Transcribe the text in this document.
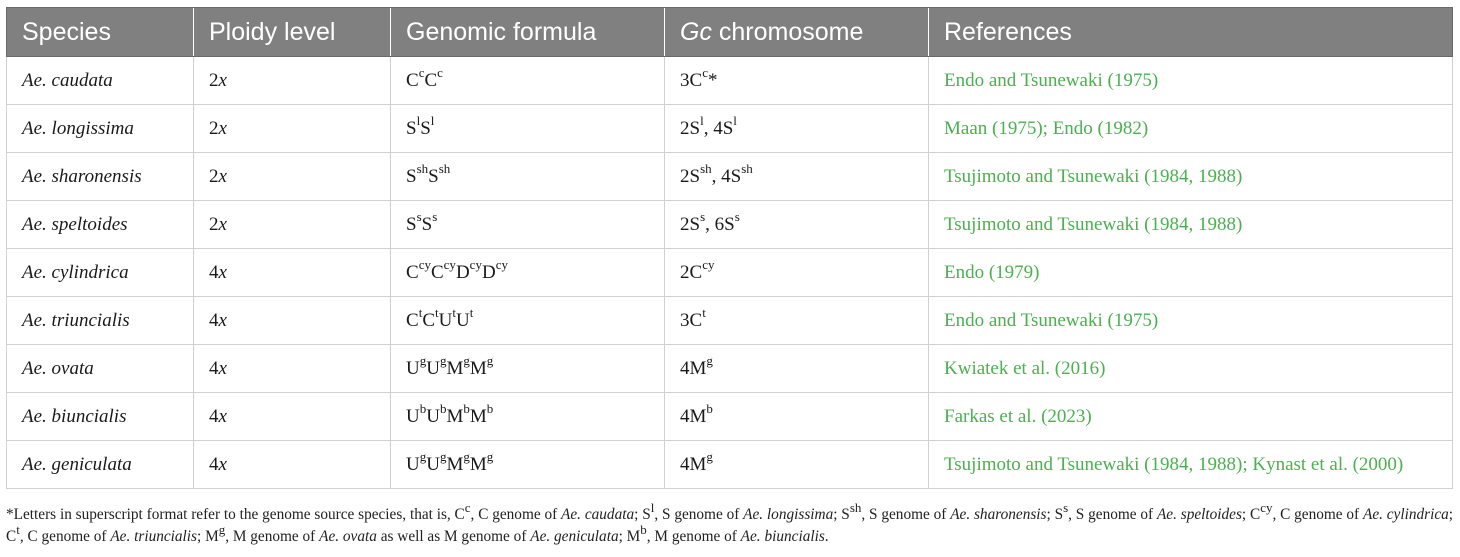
Species	Ploidy level	Genomic formula	Gc chromosome	References
Ae. caudata	2x	$C^cC^c$	$3C^c*$	Endo and Tsunewaki (1975)
Ae. longissima	2x	$S^lS^l$	$2S^l$, $4S^l$	Maan (1975); Endo (1982)
Ae. sharonensis	2x	$S^{sh}S^{sh}$	$2S^{sh}$, $4S^{sh}$	Tsujimoto and Tsunewaki (1984, 1988)
Ae. speltoides	2x	$S^sS^s$	$2S^s$, $6S^s$	Tsujimoto and Tsunewaki (1984, 1988)
Ae. cylindrica	4x	$C^{cy}C^{cy}D^{cy}D^{cy}$	$2C^{cy}$	Endo (1979)
Ae. triuncialis	4x	$C^tC^tU^tU^t$	$3C^t$	Endo and Tsunewaki (1975)
Ae. ovata	4x	$U^gU^gM^gM^g$	$4M^g$	Kwiatek et al. (2016)
Ae. biuncialis	4x	$U^bU^bM^bM^b$	$4M^b$	Farkas et al. (2023)
Ae. geniculata	4x	$U^gU^gM^gM^g$	$4M^g$	Tsujimoto and Tsunewaki (1984, 1988); Kynast et al. (2000)
*Letters in superscript format refer to the genome source species, that is, $C^c$, C genome of Ae. caudata; $S^l$, S genome of Ae. longissima; $S^{sh}$, S genome of Ae. sharonensis; $S^s$, S genome of Ae. speltoides; $C^{cy}$, C genome of Ae. cylindrica; $C^t$, C genome of Ae. triuncialis; $M^g$, M genome of Ae. ovata as well as M genome of Ae. geniculata; $M^b$, M genome of Ae. biuncialis.
